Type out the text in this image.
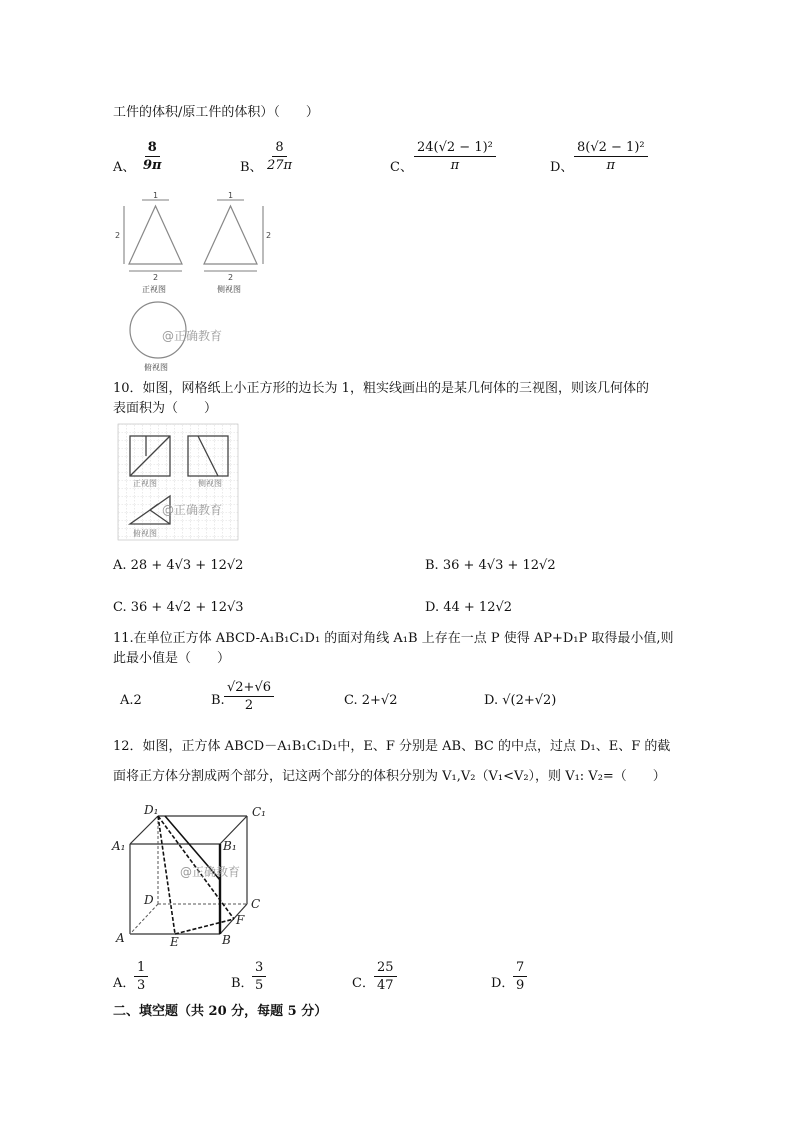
工件的体积/原工件的体积）（　　）
A、 $\frac{8}{9\pi}$	B、 $\frac{8}{27\pi}$	C、 $\frac{\text{24(√2 − 1)²}}{\pi}$	D、 $\frac{\text{8(√2 − 1)²}}{\pi}$
1	1
2	2
2	2
正视图	侧视图
俯视图
@正确教育
10．如图，网格纸上小正方形的边长为 1，粗实线画出的是某几何体的三视图，则该几何体的
表面积为（　　）
正视图	侧视图
俯视图
@正确教育
A. 28 + 4√3 + 12√2	B. 36 + 4√3 + 12√2
C. 36 + 4√2 + 12√3	D. 44 + 12√2
11.在单位正方体 ABCD-A₁B₁C₁D₁ 的面对角线 A₁B 上存在一点 P 使得 AP+D₁P 取得最小值,则
此最小值是（　　）
A.2	B. $\frac{√2+√6}{2}$	C. 2+√2	D. √(2+√2)
12．如图，正方体 ABCD－A₁B₁C₁D₁中，E、F 分别是 AB、BC 的中点，过点 D₁、E、F 的截
面将正方体分割成两个部分，记这两个部分的体积分别为 V₁,V₂（V₁<V₂），则 V₁: V₂=（　　）
D₁	C₁
A₁	B₁
D	C
A	E	B
F
@正确教育
A．
$\frac{1}{3}$	B．
$\frac{3}{5}$	C． $\frac{25}{47}$	D．
$\frac{7}{9}$
二、填空题（共 20 分，每题 5 分）
